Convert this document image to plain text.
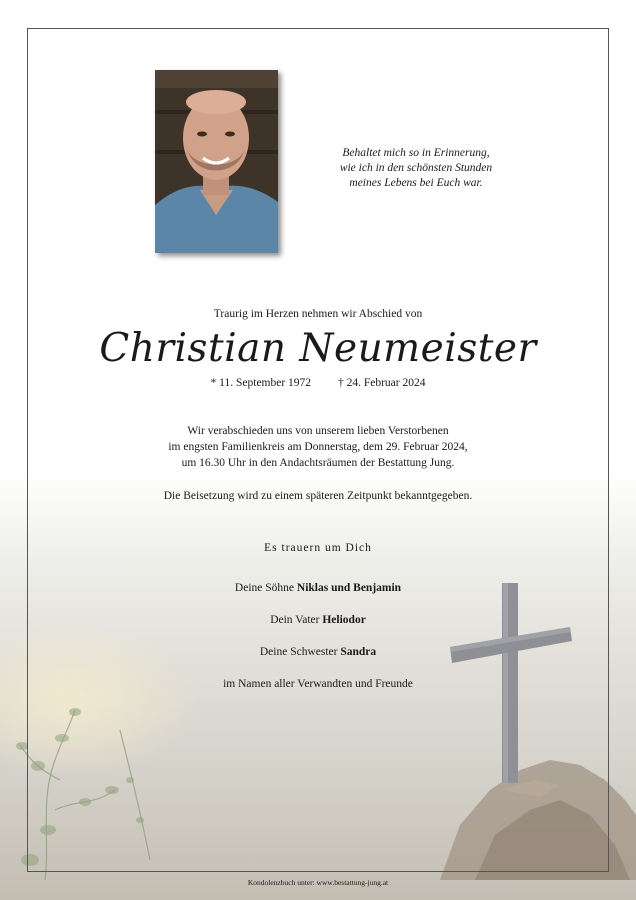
Behaltet mich so in Erinnerung,
wie ich in den schönsten Stunden
meines Lebens bei Euch war.
Traurig im Herzen nehmen wir Abschied von
Christian Neumeister
* 11. September 1972 † 24. Februar 2024
Wir verabschieden uns von unserem lieben Verstorbenen
im engsten Familienkreis am Donnerstag, dem 29. Februar 2024,
um 16.30 Uhr in den Andachtsräumen der Bestattung Jung.
Die Beisetzung wird zu einem späteren Zeitpunkt bekanntgegeben.
Es trauern um Dich
Deine Söhne Niklas und Benjamin
Dein Vater Heliodor
Deine Schwester Sandra
im Namen aller Verwandten und Freunde
Kondolenzbuch unter: www.bestattung-jung.at
